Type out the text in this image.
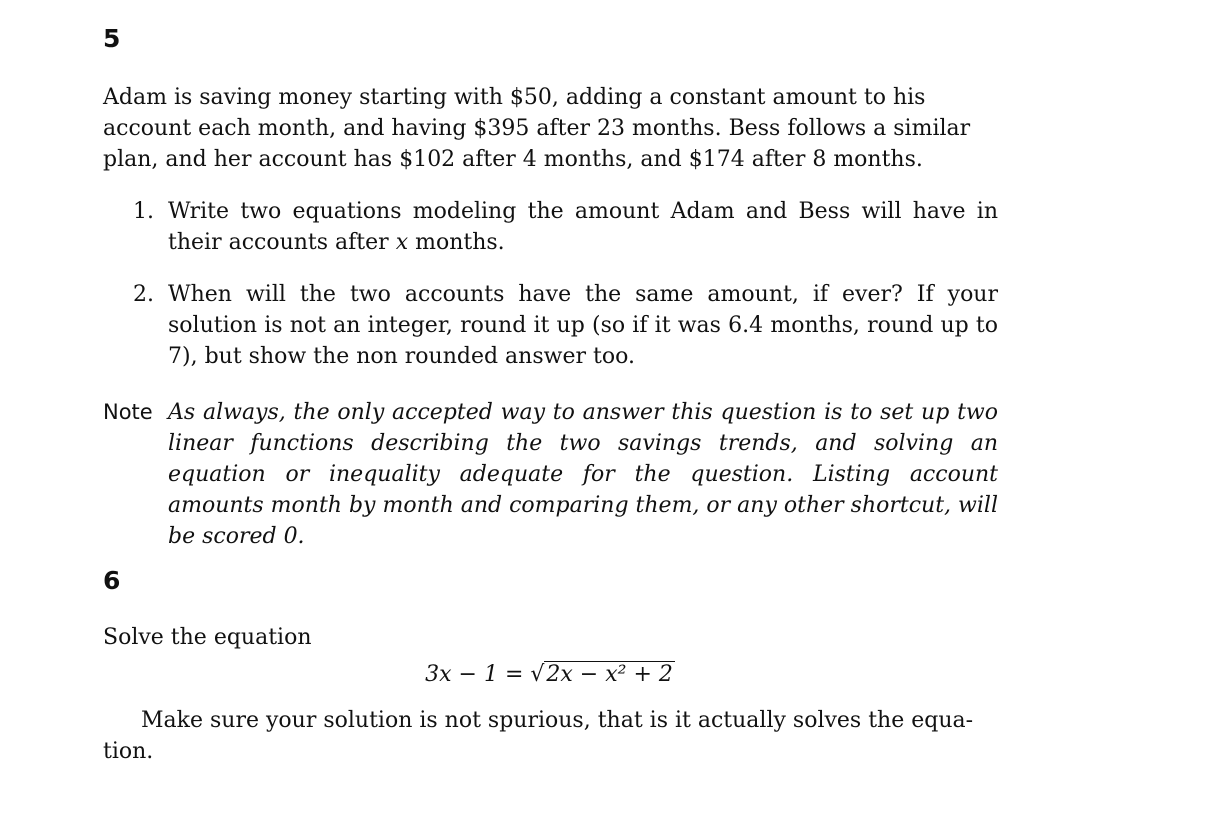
5
Adam is saving money starting with $50, adding a constant amount to his
account each month, and having $395 after 23 months. Bess follows a similar
plan, and her account has $102 after 4 months, and $174 after 8 months.
1. Write two equations modeling the amount Adam and Bess will have in their accounts after x months.
2. When will the two accounts have the same amount, if ever? If your solution is not an integer, round it up (so if it was 6.4 months, round up to 7), but show the non rounded answer too.
Note As always, the only accepted way to answer this question is to set up two linear functions describing the two savings trends, and solving an equation or inequality adequate for the question. Listing account amounts month by month and comparing them, or any other shortcut, will be scored 0.
6
Solve the equation
3x − 1 = √2x − x² + 2
Make sure your solution is not spurious, that is it actually solves the equa-
tion.
